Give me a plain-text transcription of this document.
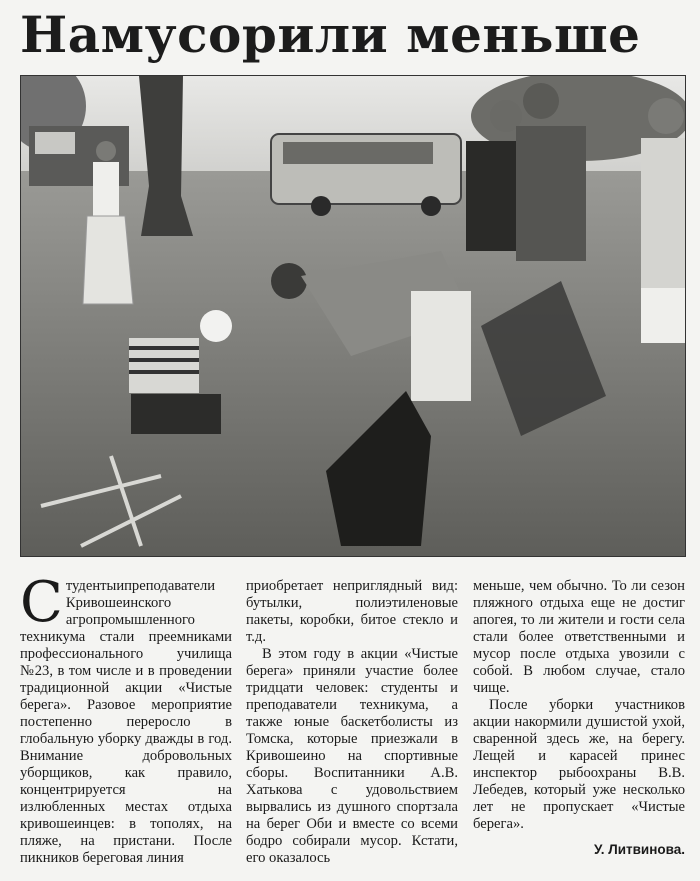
Намусорили меньше

С тудентыипреподаватели Кривошеинского агропромышленного техникума стали преемниками профессионального училища №23, в том числе и в проведении традиционной акции «Чистые берега». Разовое мероприятие постепенно переросло в глобальную уборку дважды в год. Внимание добровольных уборщиков, как правило, концентрируется на излюбленных местах отдыха кривошеинцев: в тополях, на пляже, на пристани. После пикников береговая линия

приобретает неприглядный вид: бутылки, полиэтиленовые пакеты, коробки, битое стекло и т.д.

В этом году в акции «Чистые берега» приняли участие более тридцати человек: студенты и преподаватели техникума, а также юные баскетболисты из Томска, которые приезжали в Кривошеино на спортивные сборы. Воспитанники А.В. Хатькова с удовольствием вырвались из душного спортзала на берег Оби и вместе со всеми бодро собирали мусор. Кстати, его оказалось

меньше, чем обычно. То ли сезон пляжного отдыха еще не достиг апогея, то ли жители и гости села стали более ответственными и мусор после отдыха увозили с собой. В любом случае, стало чище.

После уборки участников акции накормили душистой ухой, сваренной здесь же, на берегу. Лещей и карасей принес инспектор рыбоохраны В.В. Лебедев, который уже несколько лет не пропускает «Чистые берега».

У. Литвинова.
